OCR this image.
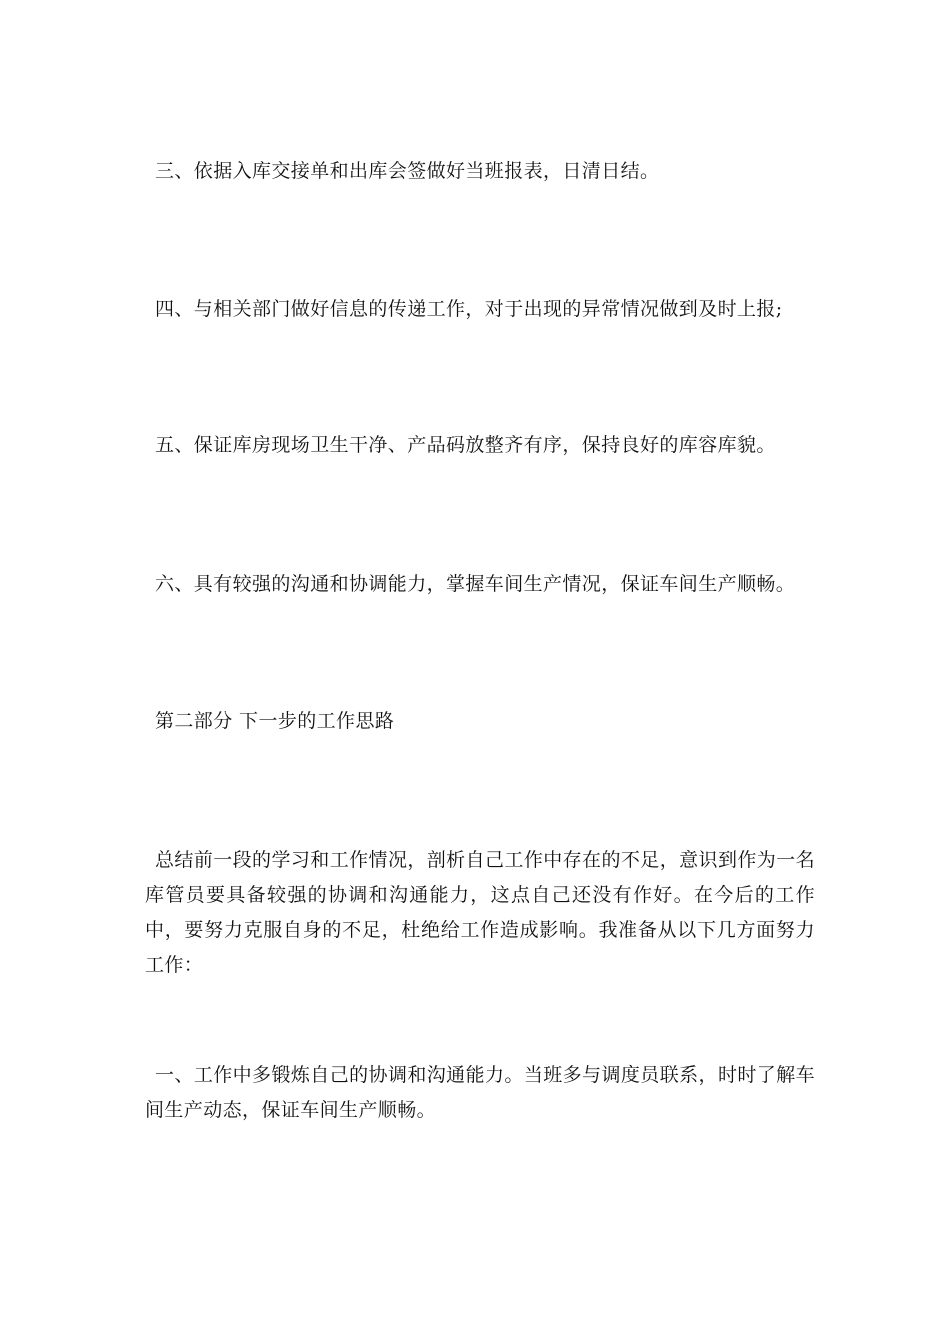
三、依据入库交接单和出库会签做好当班报表，日清日结。

四、与相关部门做好信息的传递工作，对于出现的异常情况做到及时上报;

五、保证库房现场卫生干净、产品码放整齐有序，保持良好的库容库貌。

六、具有较强的沟通和协调能力，掌握车间生产情况，保证车间生产顺畅。

第二部分 下一步的工作思路

总结前一段的学习和工作情况，剖析自己工作中存在的不足，意识到作为一名库管员要具备较强的协调和沟通能力，这点自己还没有作好。在今后的工作中，要努力克服自身的不足，杜绝给工作造成影响。我准备从以下几方面努力工作：

一、工作中多锻炼自己的协调和沟通能力。当班多与调度员联系，时时了解车间生产动态，保证车间生产顺畅。
